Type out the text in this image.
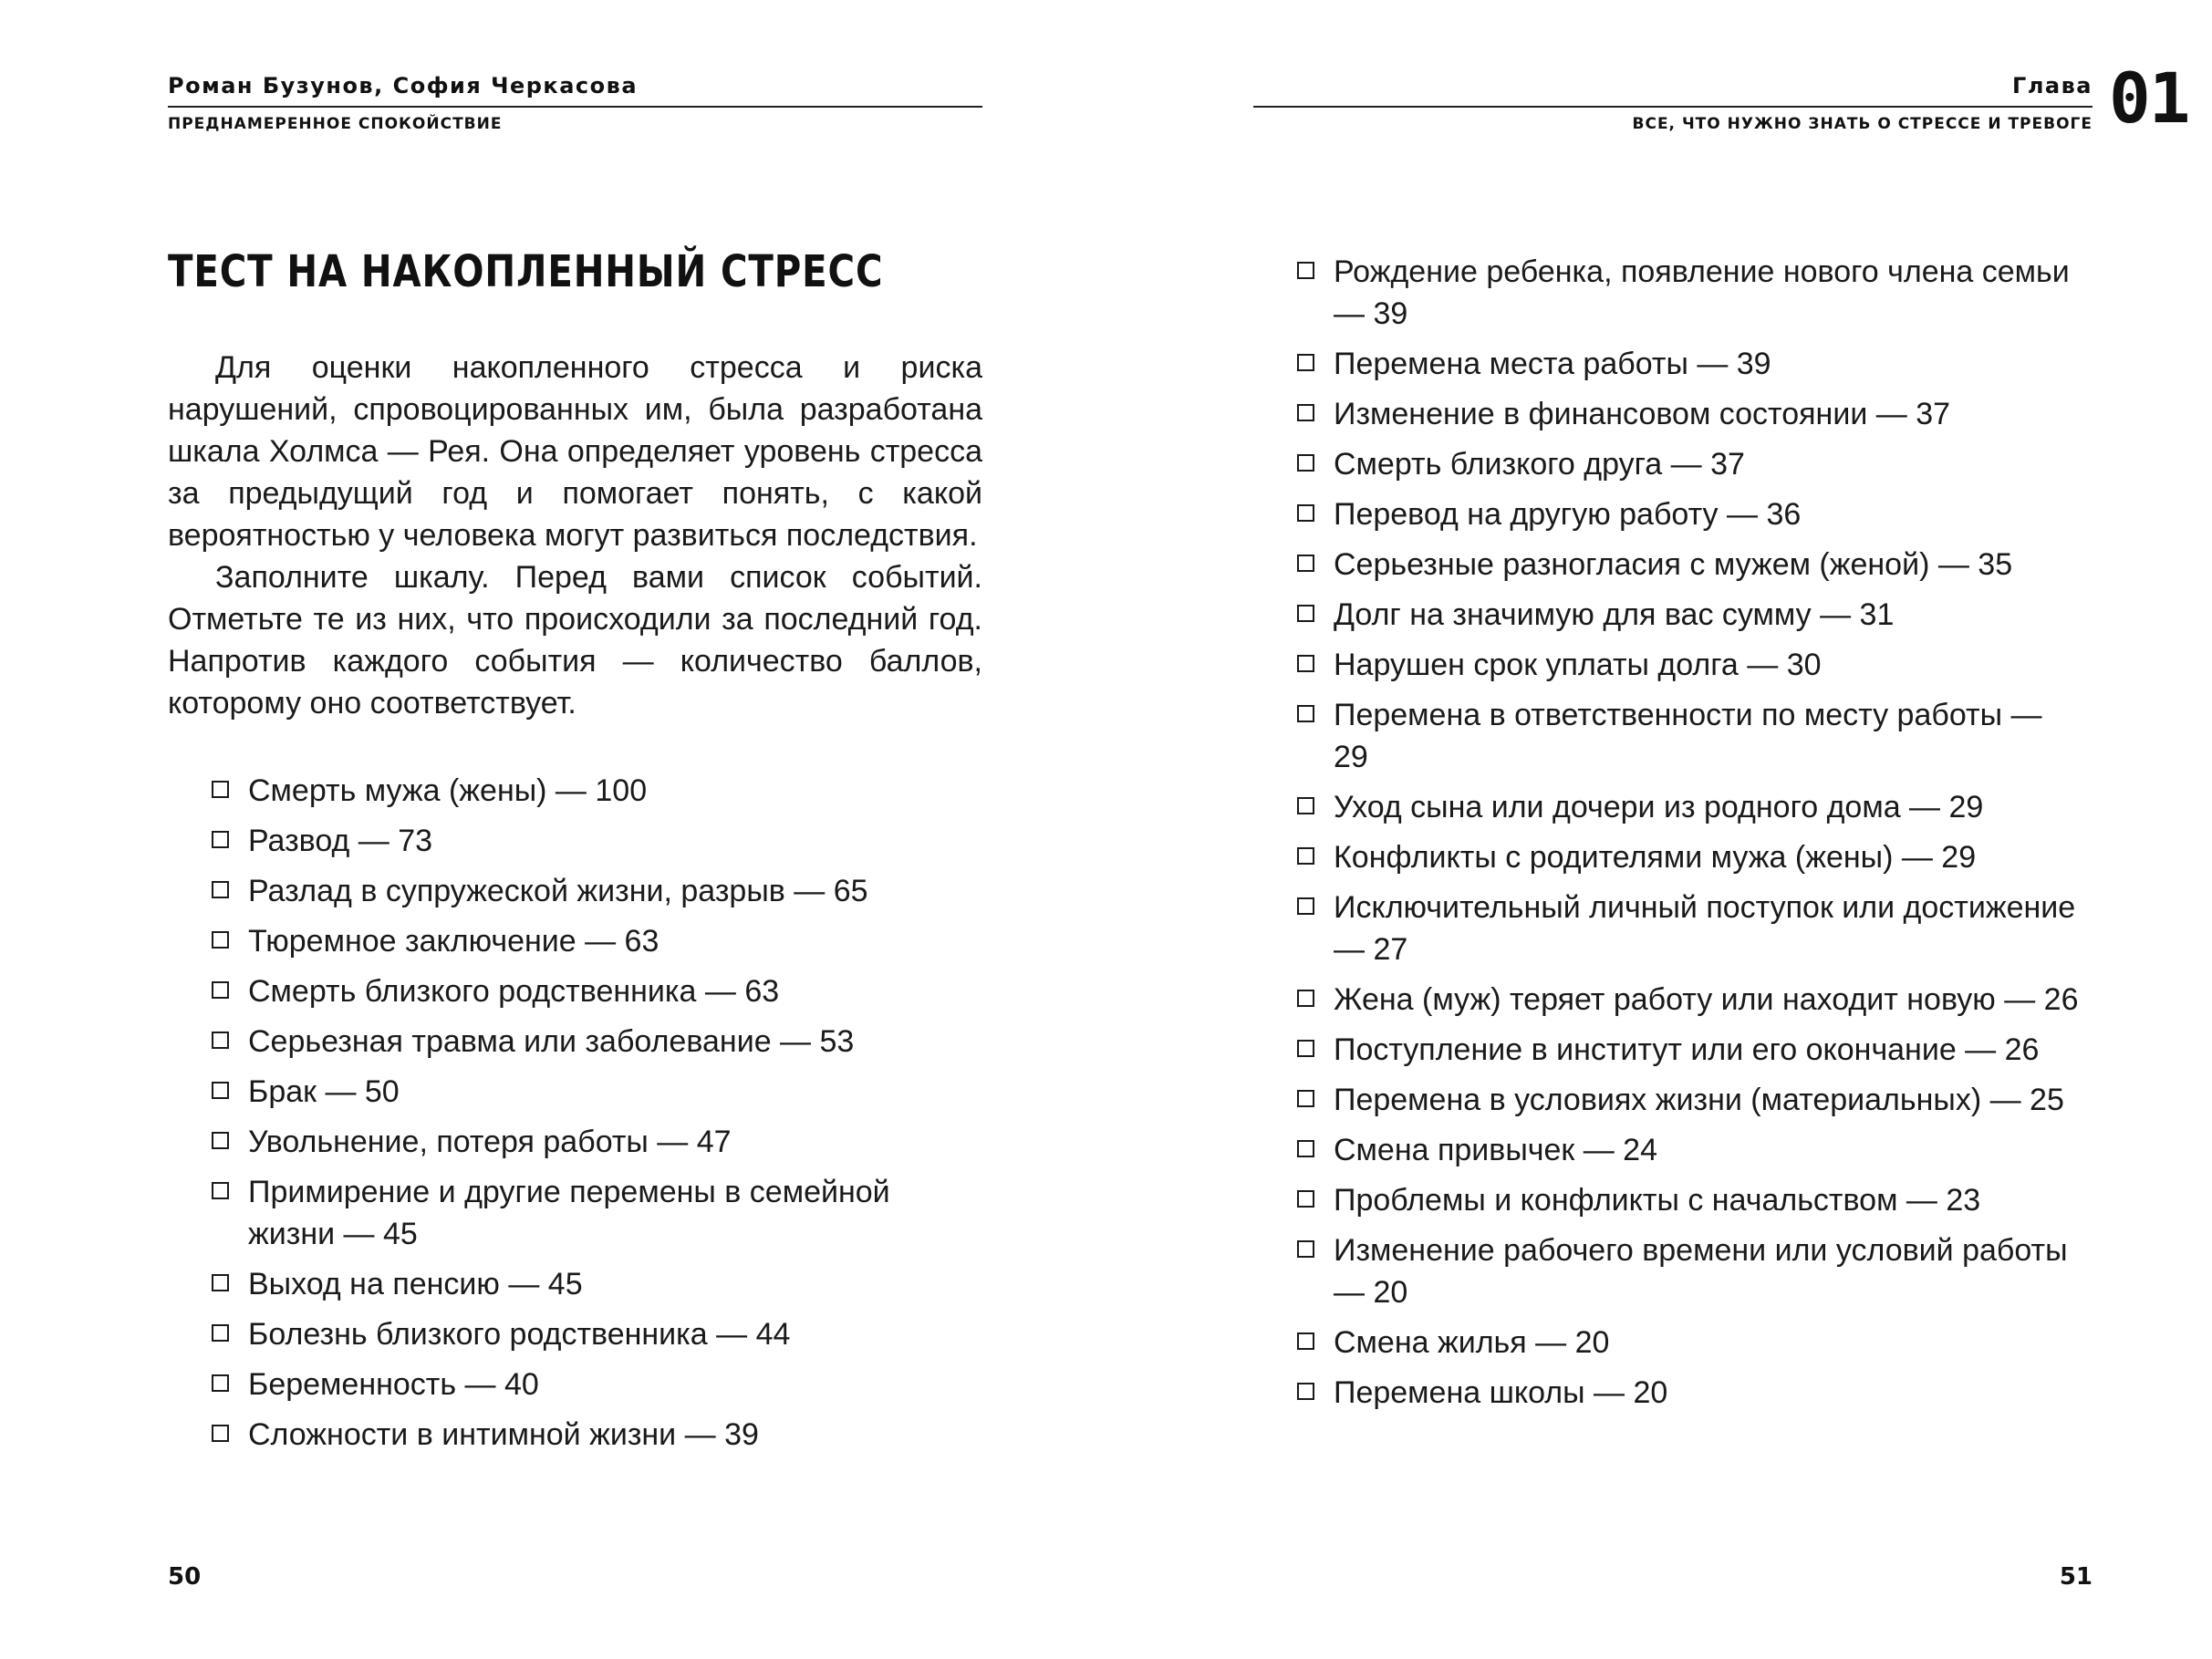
Роман Бузунов, София Черкасова
ПРЕДНАМЕРЕННОЕ СПОКОЙСТВИЕ
ТЕСТ НА НАКОПЛЕННЫЙ СТРЕСС

Для оценки накопленного стресса и риска нарушений, спровоцированных им, была разработана шкала Холмса — Рея. Она определяет уровень стресса за предыдущий год и помогает понять, с какой вероятностью у человека могут развиться последствия.

Заполните шкалу. Перед вами список событий. Отметьте те из них, что происходили за последний год. Напротив каждого события — количество баллов, которому оно соответствует.

Смерть мужа (жены) — 100
Развод — 73
Разлад в супружеской жизни, разрыв — 65
Тюремное заключение — 63
Смерть близкого родственника — 63
Серьезная травма или заболевание — 53
Брак — 50
Увольнение, потеря работы — 47
Примирение и другие перемены в семейной жизни — 45
Выход на пенсию — 45
Болезнь близкого родственника — 44
Беременность — 40
Сложности в интимной жизни — 39
50
Глава
ВСЕ, ЧТО НУЖНО ЗНАТЬ О СТРЕССЕ И ТРЕВОГЕ 01
Рождение ребенка, появление нового члена семьи — 39
Перемена места работы — 39
Изменение в финансовом состоянии — 37
Смерть близкого друга — 37
Перевод на другую работу — 36
Серьезные разногласия с мужем (женой) — 35
Долг на значимую для вас сумму — 31
Нарушен срок уплаты долга — 30
Перемена в ответственности по месту работы — 29
Уход сына или дочери из родного дома — 29
Конфликты с родителями мужа (жены) — 29
Исключительный личный поступок или достижение — 27
Жена (муж) теряет работу или находит новую — 26
Поступление в институт или его окончание — 26
Перемена в условиях жизни (материальных) — 25
Смена привычек — 24
Проблемы и конфликты с начальством — 23
Изменение рабочего времени или условий работы — 20
Смена жилья — 20
Перемена школы — 20
51
